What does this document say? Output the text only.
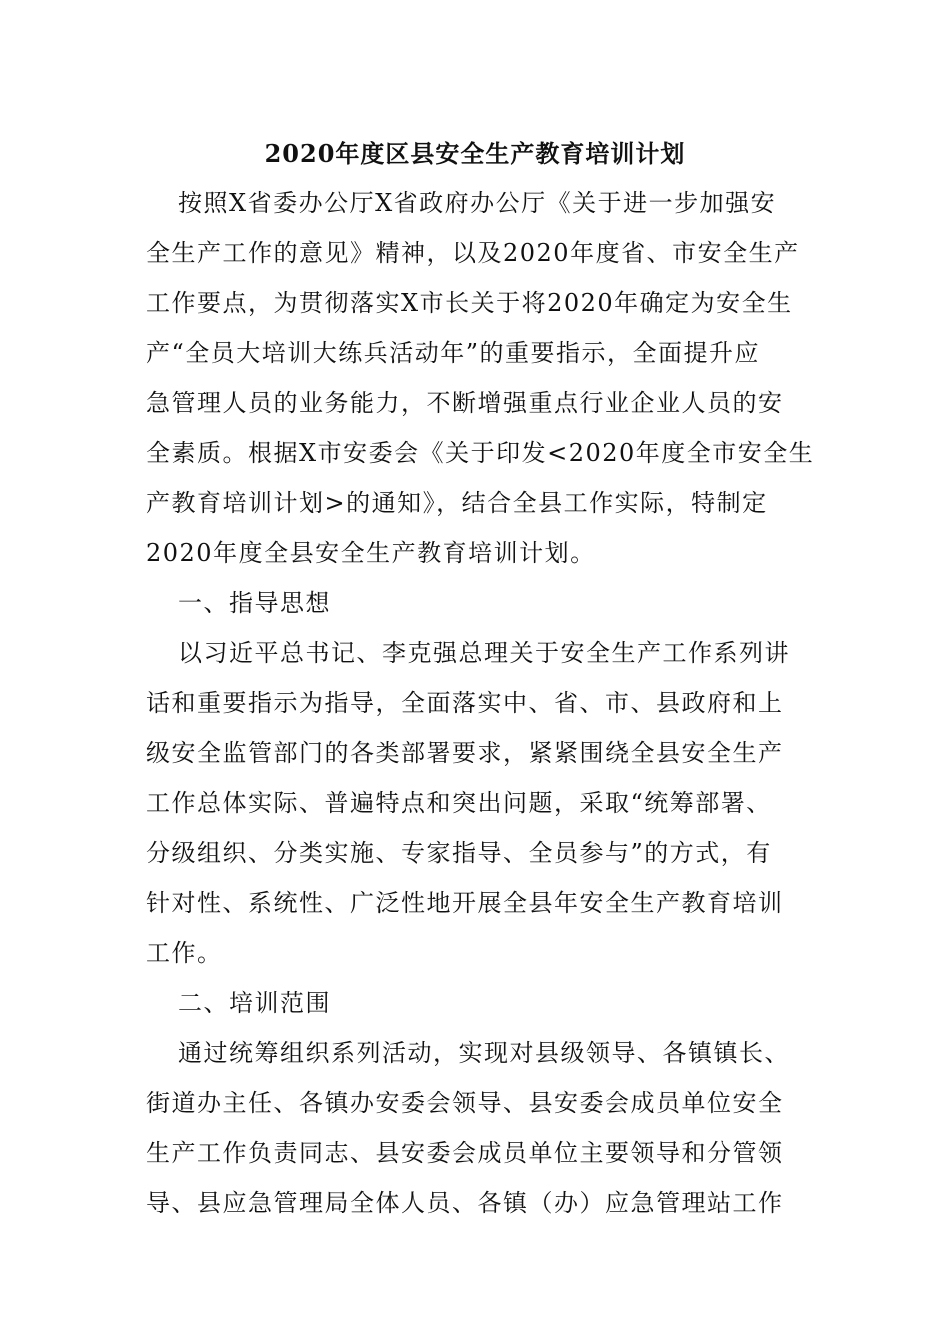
2020年度区县安全生产教育培训计划

按照X省委办公厅X省政府办公厅《关于进一步加强安

全生产工作的意见》精神，以及2020年度省、市安全生产

工作要点，为贯彻落实X市长关于将2020年确定为安全生

产“全员大培训大练兵活动年”的重要指示，全面提升应

急管理人员的业务能力，不断增强重点行业企业人员的安

全素质。根据X市安委会《关于印发<2020年度全市安全生

产教育培训计划>的通知》，结合全县工作实际，特制定

2020年度全县安全生产教育培训计划。

一、指导思想

以习近平总书记、李克强总理关于安全生产工作系列讲

话和重要指示为指导，全面落实中、省、市、县政府和上

级安全监管部门的各类部署要求，紧紧围绕全县安全生产

工作总体实际、普遍特点和突出问题，采取“统筹部署、

分级组织、分类实施、专家指导、全员参与”的方式，有

针对性、系统性、广泛性地开展全县年安全生产教育培训

工作。

二、培训范围

通过统筹组织系列活动，实现对县级领导、各镇镇长、

街道办主任、各镇办安委会领导、县安委会成员单位安全

生产工作负责同志、县安委会成员单位主要领导和分管领

导、县应急管理局全体人员、各镇（办）应急管理站工作
